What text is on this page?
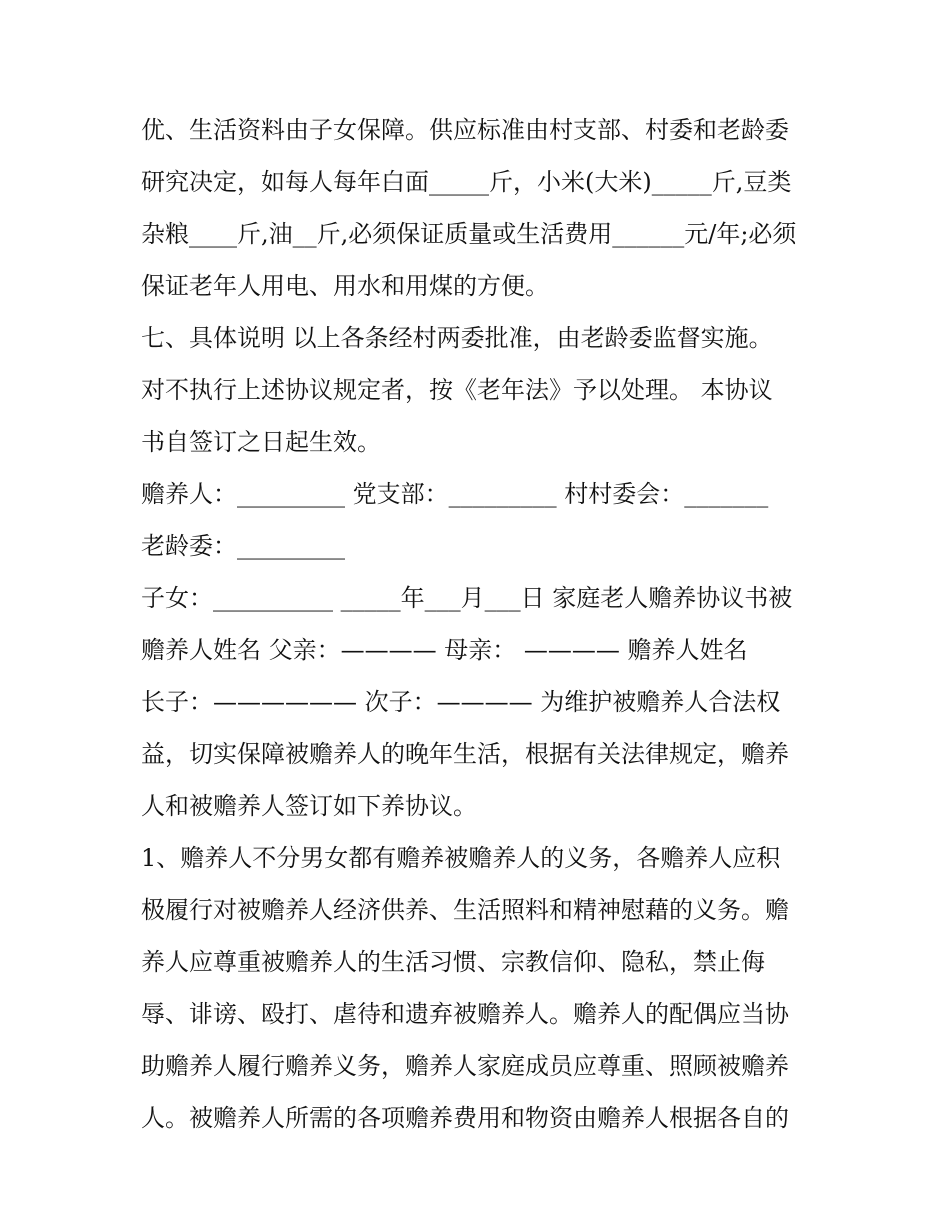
优、生活资料由子女保障。供应标准由村支部、村委和老龄委
研究决定，如每人每年白面_____斤，小米(大米)_____斤,豆类
杂粮____斤,油__斤,必须保证质量或生活费用______元/年;必须
保证老年人用电、用水和用煤的方便。
七、具体说明 以上各条经村两委批准，由老龄委监督实施。
对不执行上述协议规定者，按《老年法》予以处理。 本协议
书自签订之日起生效。
赡养人：_________ 党支部：_________ 村村委会：_______
老龄委：_________
子女：__________ _____年___月___日 家庭老人赡养协议书被
赡养人姓名 父亲：———— 母亲： ———— 赡养人姓名
长子：—————— 次子：———— 为维护被赡养人合法权
益，切实保障被赡养人的晚年生活，根据有关法律规定，赡养
人和被赡养人签订如下养协议。
1、赡养人不分男女都有赡养被赡养人的义务，各赡养人应积
极履行对被赡养人经济供养、生活照料和精神慰藉的义务。赡
养人应尊重被赡养人的生活习惯、宗教信仰、隐私，禁止侮
辱、诽谤、殴打、虐待和遗弃被赡养人。赡养人的配偶应当协
助赡养人履行赡养义务，赡养人家庭成员应尊重、照顾被赡养
人。被赡养人所需的各项赡养费用和物资由赡养人根据各自的
